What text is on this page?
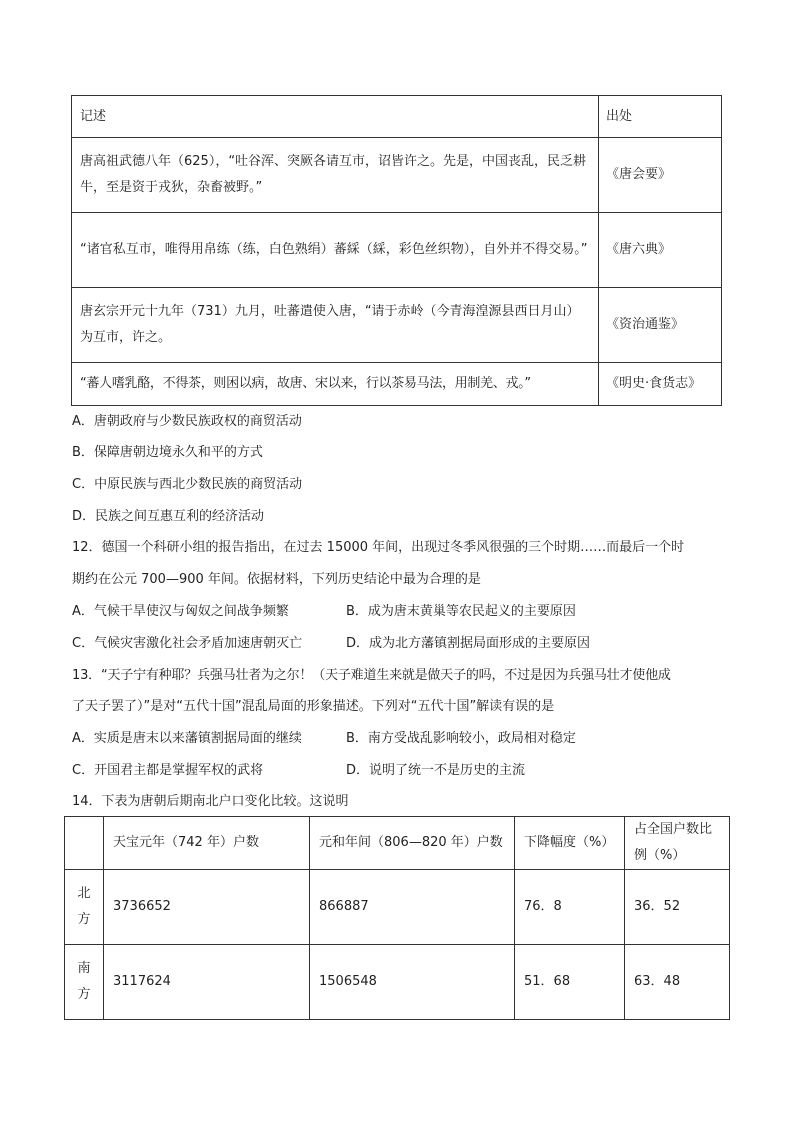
记述	出处
唐高祖武德八年（625），“吐谷浑、突厥各请互市，诏皆许之。先是，中国丧乱，民乏耕牛，至是资于戎狄，杂畜被野。”	《唐会要》
“诸官私互市，唯得用帛练（练，白色熟绢）蕃綵（綵，彩色丝织物），自外并不得交易。”	《唐六典》
唐玄宗开元十九年（731）九月，吐蕃遣使入唐，“请于赤岭（今青海湟源县西日月山）为互市，许之。	《资治通鉴》
“蕃人嗜乳酪，不得茶，则困以病，故唐、宋以来，行以茶易马法，用制羌、戎。”	《明史·食货志》
A．唐朝政府与少数民族政权的商贸活动
B．保障唐朝边境永久和平的方式
C．中原民族与西北少数民族的商贸活动
D．民族之间互惠互利的经济活动
12．德国一个科研小组的报告指出，在过去 15000 年间，出现过冬季风很强的三个时期……而最后一个时
期约在公元 700—900 年间。依据材料，下列历史结论中最为合理的是
A．气候干旱使汉与匈奴之间战争频繁	B．成为唐末黄巢等农民起义的主要原因
C．气候灾害激化社会矛盾加速唐朝灭亡	D．成为北方藩镇割据局面形成的主要原因
13．“天子宁有种耶？兵强马壮者为之尔！（天子难道生来就是做天子的吗，不过是因为兵强马壮才使他成
了天子罢了）”是对“五代十国”混乱局面的形象描述。下列对“五代十国”解读有误的是
A．实质是唐末以来藩镇割据局面的继续	B．南方受战乱影响较小，政局相对稳定
C．开国君主都是掌握军权的武将	D．说明了统一不是历史的主流
14．下表为唐朝后期南北户口变化比较。这说明
	天宝元年（742 年）户数	元和年间（806—820 年）户数	下降幅度（%）	占全国户数比例（%）

北
方	3736652	866887	76．8	36．52

南
方	3117624	1506548	51．68	63．48
